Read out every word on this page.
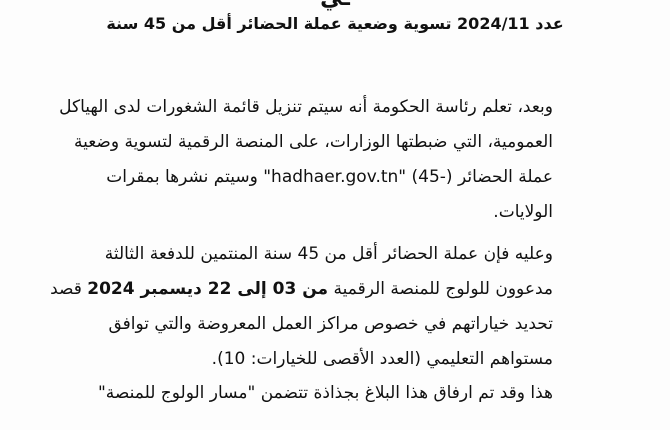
عدد 2024/11 تسوية وضعية عملة الحضائر أقل من 45 سنة
وبعد، تعلم رئاسة الحكومة أنه سيتم تنزيل قائمة الشغورات لدى الهياكل
العمومية، التي ضبطتها الوزارات، على المنصة الرقمية لتسوية وضعية
عملة الحضائر (-45) "hadhaer.gov.tn" وسيتم نشرها بمقرات
الولايات.
وعليه فإن عملة الحضائر أقل من 45 سنة المنتمين للدفعة الثالثة
مدعوون للولوج للمنصة الرقمية من 03 إلى 22 ديسمبر 2024 قصد
تحديد خياراتهم في خصوص مراكز العمل المعروضة والتي توافق
مستواهم التعليمي (العدد الأقصى للخيارات: 10).
هذا وقد تم ارفاق هذا البلاغ بجذاذة تتضمن "مسار الولوج للمنصة"
